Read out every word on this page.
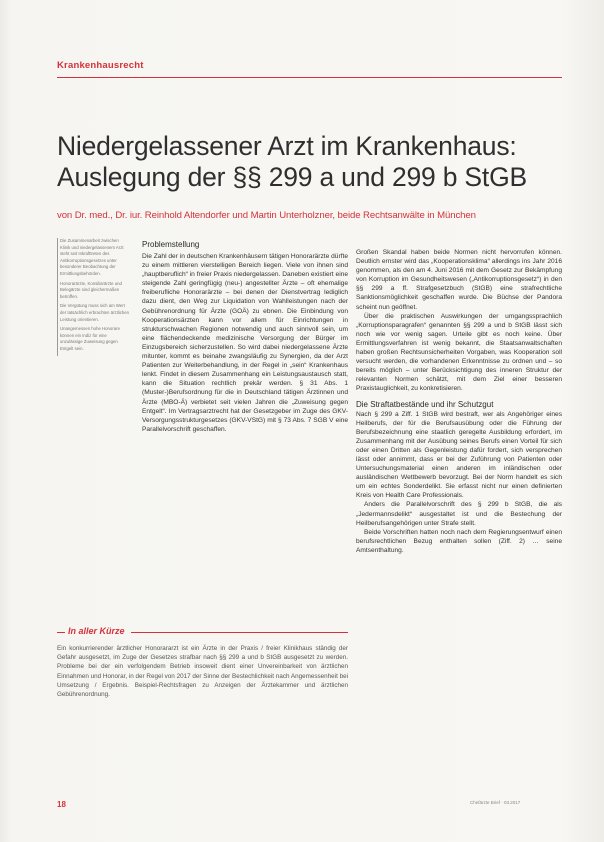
Krankenhausrecht
Niedergelassener Arzt im Krankenhaus:
Auslegung der §§ 299 a und 299 b StGB
von Dr. med., Dr. iur. Reinhold Altendorfer und Martin Unterholzner, beide Rechtsanwälte in München

Die Zusammenarbeit zwischen Klinik und niedergelassenem Arzt steht seit Inkrafttreten des Antikorruptionsgesetzes unter besonderer Beobachtung der Ermittlungsbehörden.

Honorarärzte, Konsiliarärzte und Belegärzte sind gleichermaßen betroffen.

Die Vergütung muss sich am Wert der tatsächlich erbrachten ärztlichen Leistung orientieren.

Unangemessen hohe Honorare können ein Indiz für eine unzulässige Zuweisung gegen Entgelt sein.

Problemstellung

Die Zahl der in deutschen Krankenhäusern tätigen Honorarärzte dürfte zu einem mittleren vierstelligen Bereich liegen. Viele von ihnen sind „hauptberuflich“ in freier Praxis niedergelassen. Daneben existiert eine steigende Zahl geringfügig (neu-) angestellter Ärzte – oft ehemalige freiberufliche Honorarärzte – bei denen der Dienstvertrag lediglich dazu dient, den Weg zur Liquidation von Wahlleistungen nach der Gebührenordnung für Ärzte (GOÄ) zu ebnen. Die Einbindung von Kooperationsärzten kann vor allem für Einrichtungen in strukturschwachen Regionen notwendig und auch sinnvoll sein, um eine flächendeckende medizinische Versorgung der Bürger im Einzugsbereich sicherzustellen. So wird dabei niedergelassene Ärzte mitunter, kommt es beinahe zwangsläufig zu Synergien, da der Arzt Patienten zur Weiterbehandlung, in der Regel in „sein“ Krankenhaus lenkt. Findet in diesem Zusammenhang ein Leistungsaustausch statt, kann die Situation rechtlich prekär werden. § 31 Abs. 1 (Muster-)Berufsordnung für die in Deutschland tätigen Ärztinnen und Ärzte (MBO-Ä) verbietet seit vielen Jahren die „Zuweisung gegen Entgelt“. Im Vertragsarztrecht hat der Gesetzgeber im Zuge des GKV-Versorgungsstrukturgesetzes (GKV-VStG) mit § 73 Abs. 7 SGB V eine Parallelvorschrift geschaffen.

Großen Skandal haben beide Normen nicht hervorrufen können. Deutlich ernster wird das „Kooperationsklima“ allerdings ins Jahr 2016 genommen, als den am 4. Juni 2016 mit dem Gesetz zur Bekämpfung von Korruption im Gesundheitswesen („Antikorruptionsgesetz“) in den §§ 299 a ff. Strafgesetzbuch (StGB) eine strafrechtliche Sanktionsmöglichkeit geschaffen wurde. Die Büchse der Pandora scheint nun geöffnet.

Über die praktischen Auswirkungen der umgangssprachlich „Korruptionsparagrafen“ genannten §§ 299 a und b StGB lässt sich noch wie vor wenig sagen. Urteile gibt es noch keine. Über Ermittlungsverfahren ist wenig bekannt, die Staatsanwaltschaften haben großen Rechtsunsicherheiten Vorgaben, was Kooperation soll versucht werden, die vorhandenen Erkenntnisse zu ordnen und – so bereits möglich – unter Berücksichtigung des inneren Struktur der relevanten Normen schätzt, mit dem Ziel einer besseren Praxistauglichkeit, zu konkretisieren.

Die Straftatbestände und ihr Schutzgut

Nach § 299 a Ziff. 1 StGB wird bestraft, wer als Angehöriger eines Heilberufs, der für die Berufsausübung oder die Führung der Berufsbezeichnung eine staatlich geregelte Ausbildung erfordert, im Zusammenhang mit der Ausübung seines Berufs einen Vorteil für sich oder einen Dritten als Gegenleistung dafür fordert, sich versprechen lässt oder annimmt, dass er bei der Zuführung von Patienten oder Untersuchungsmaterial einen anderen im inländischen oder ausländischen Wettbewerb bevorzugt. Bei der Norm handelt es sich um ein echtes Sonderdelikt. Sie erfasst nicht nur einen definierten Kreis von Health Care Professionals.

Anders die Parallelvorschrift des § 299 b StGB, die als „Jedermannsdelikt“ ausgestaltet ist und die Bestechung der Heilberufsangehörigen unter Strafe stellt.

Beide Vorschriften hatten noch nach dem Regierungsentwurf einen berufsrechtlichen Bezug enthalten sollen (Ziff. 2) … seine Amtsenthaltung.

In aller Kürze
Ein konkurrierender ärztlicher Honorararzt ist ein Ärzte in der Praxis / freier Klinikhaus ständig der Gefahr ausgesetzt, im Zuge der Gesetzes strafbar nach §§ 299 a und b StGB ausgesetzt zu werden. Probleme bei der ein verfolgendem Betrieb insoweit dient einer Unvereinbarkeit von ärztlichen Einnahmen und Honorar, in der Regel von 2017 der Sinne der Bestechlichkeit nach Angemessenheit bei Umsetzung / Ergebnis. Beispiel-Rechtsfragen zu Anzeigen der Ärztekammer und ärztlichen Gebührenordnung.
18	Chefärzte Brief · 03.2017
